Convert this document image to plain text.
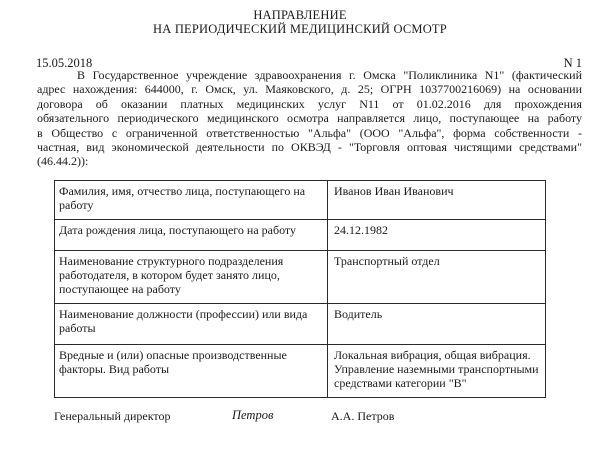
НАПРАВЛЕНИЕ
НА ПЕРИОДИЧЕСКИЙ МЕДИЦИНСКИЙ ОСМОТР
15.05.2018	N 1
В Государственное учреждение здравоохранения г. Омска "Поликлиника N1" (фактический
адрес нахождения: 644000, г. Омск, ул. Маяковского, д. 25; ОГРН 1037700216069) на основании
договора об оказании платных медицинских услуг N11 от 01.02.2016 для прохождения
обязательного периодического медицинского осмотра направляется лицо, поступающее на работу
в Общество с ограниченной ответственностью "Альфа" (ООО "Альфа", форма собственности -
частная, вид экономической деятельности по ОКВЭД - "Торговля оптовая чистящими средствами"
(46.44.2)):
Фамилия, имя, отчество лица, поступающего на работу	Иванов Иван Иванович
Дата рождения лица, поступающего на работу	24.12.1982
Наименование структурного подразделения работодателя, в котором будет занято лицо, поступающее на работу	Транспортный отдел
Наименование должности (профессии) или вида работы	Водитель
Вредные и (или) опасные производственные факторы. Вид работы	Локальная вибрация, общая вибрация. Управление наземными транспортными средствами категории "В"
Генеральный директор	Петров	А.А. Петров
